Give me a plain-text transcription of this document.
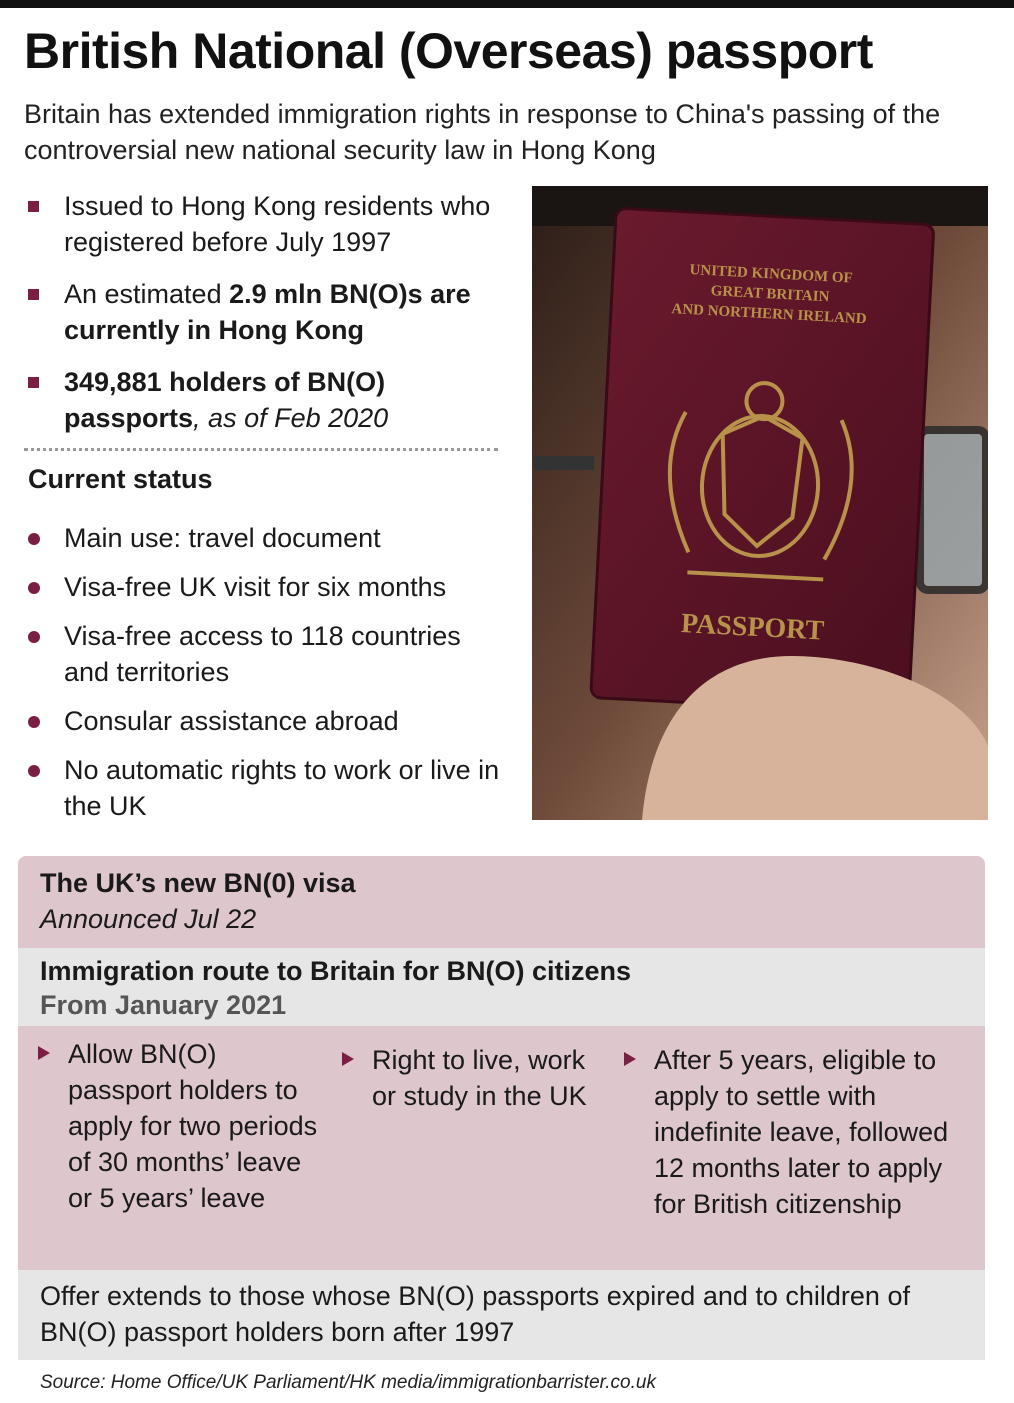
British National (Overseas) passport

Britain has extended immigration rights in response to China's passing of the controversial new national security law in Hong Kong

Issued to Hong Kong residents who registered before July 1997
An estimated 2.9 mln BN(O)s are currently in Hong Kong
349,881 holders of BN(O) passports, as of Feb 2020
Current status
Main use: travel document
Visa-free UK visit for six months
Visa-free access to 118 countries and territories
Consular assistance abroad
No automatic rights to work or live in the UK
UNITED KINGDOM OF
GREAT BRITAIN
AND NORTHERN IRELAND
PASSPORT
The UK’s new BN(0) visa
Announced Jul 22
Immigration route to Britain for BN(O) citizens
From January 2021
Allow BN(O) passport holders to apply for two periods of 30 months’ leave or 5 years’ leave
Right to live, work or study in the UK
After 5 years, eligible to apply to settle with indefinite leave, followed 12 months later to apply for British citizenship

Offer extends to those whose BN(O) passports expired and to children of BN(O) passport holders born after 1997

Source: Home Office/UK Parliament/HK media/immigrationbarrister.co.uk
